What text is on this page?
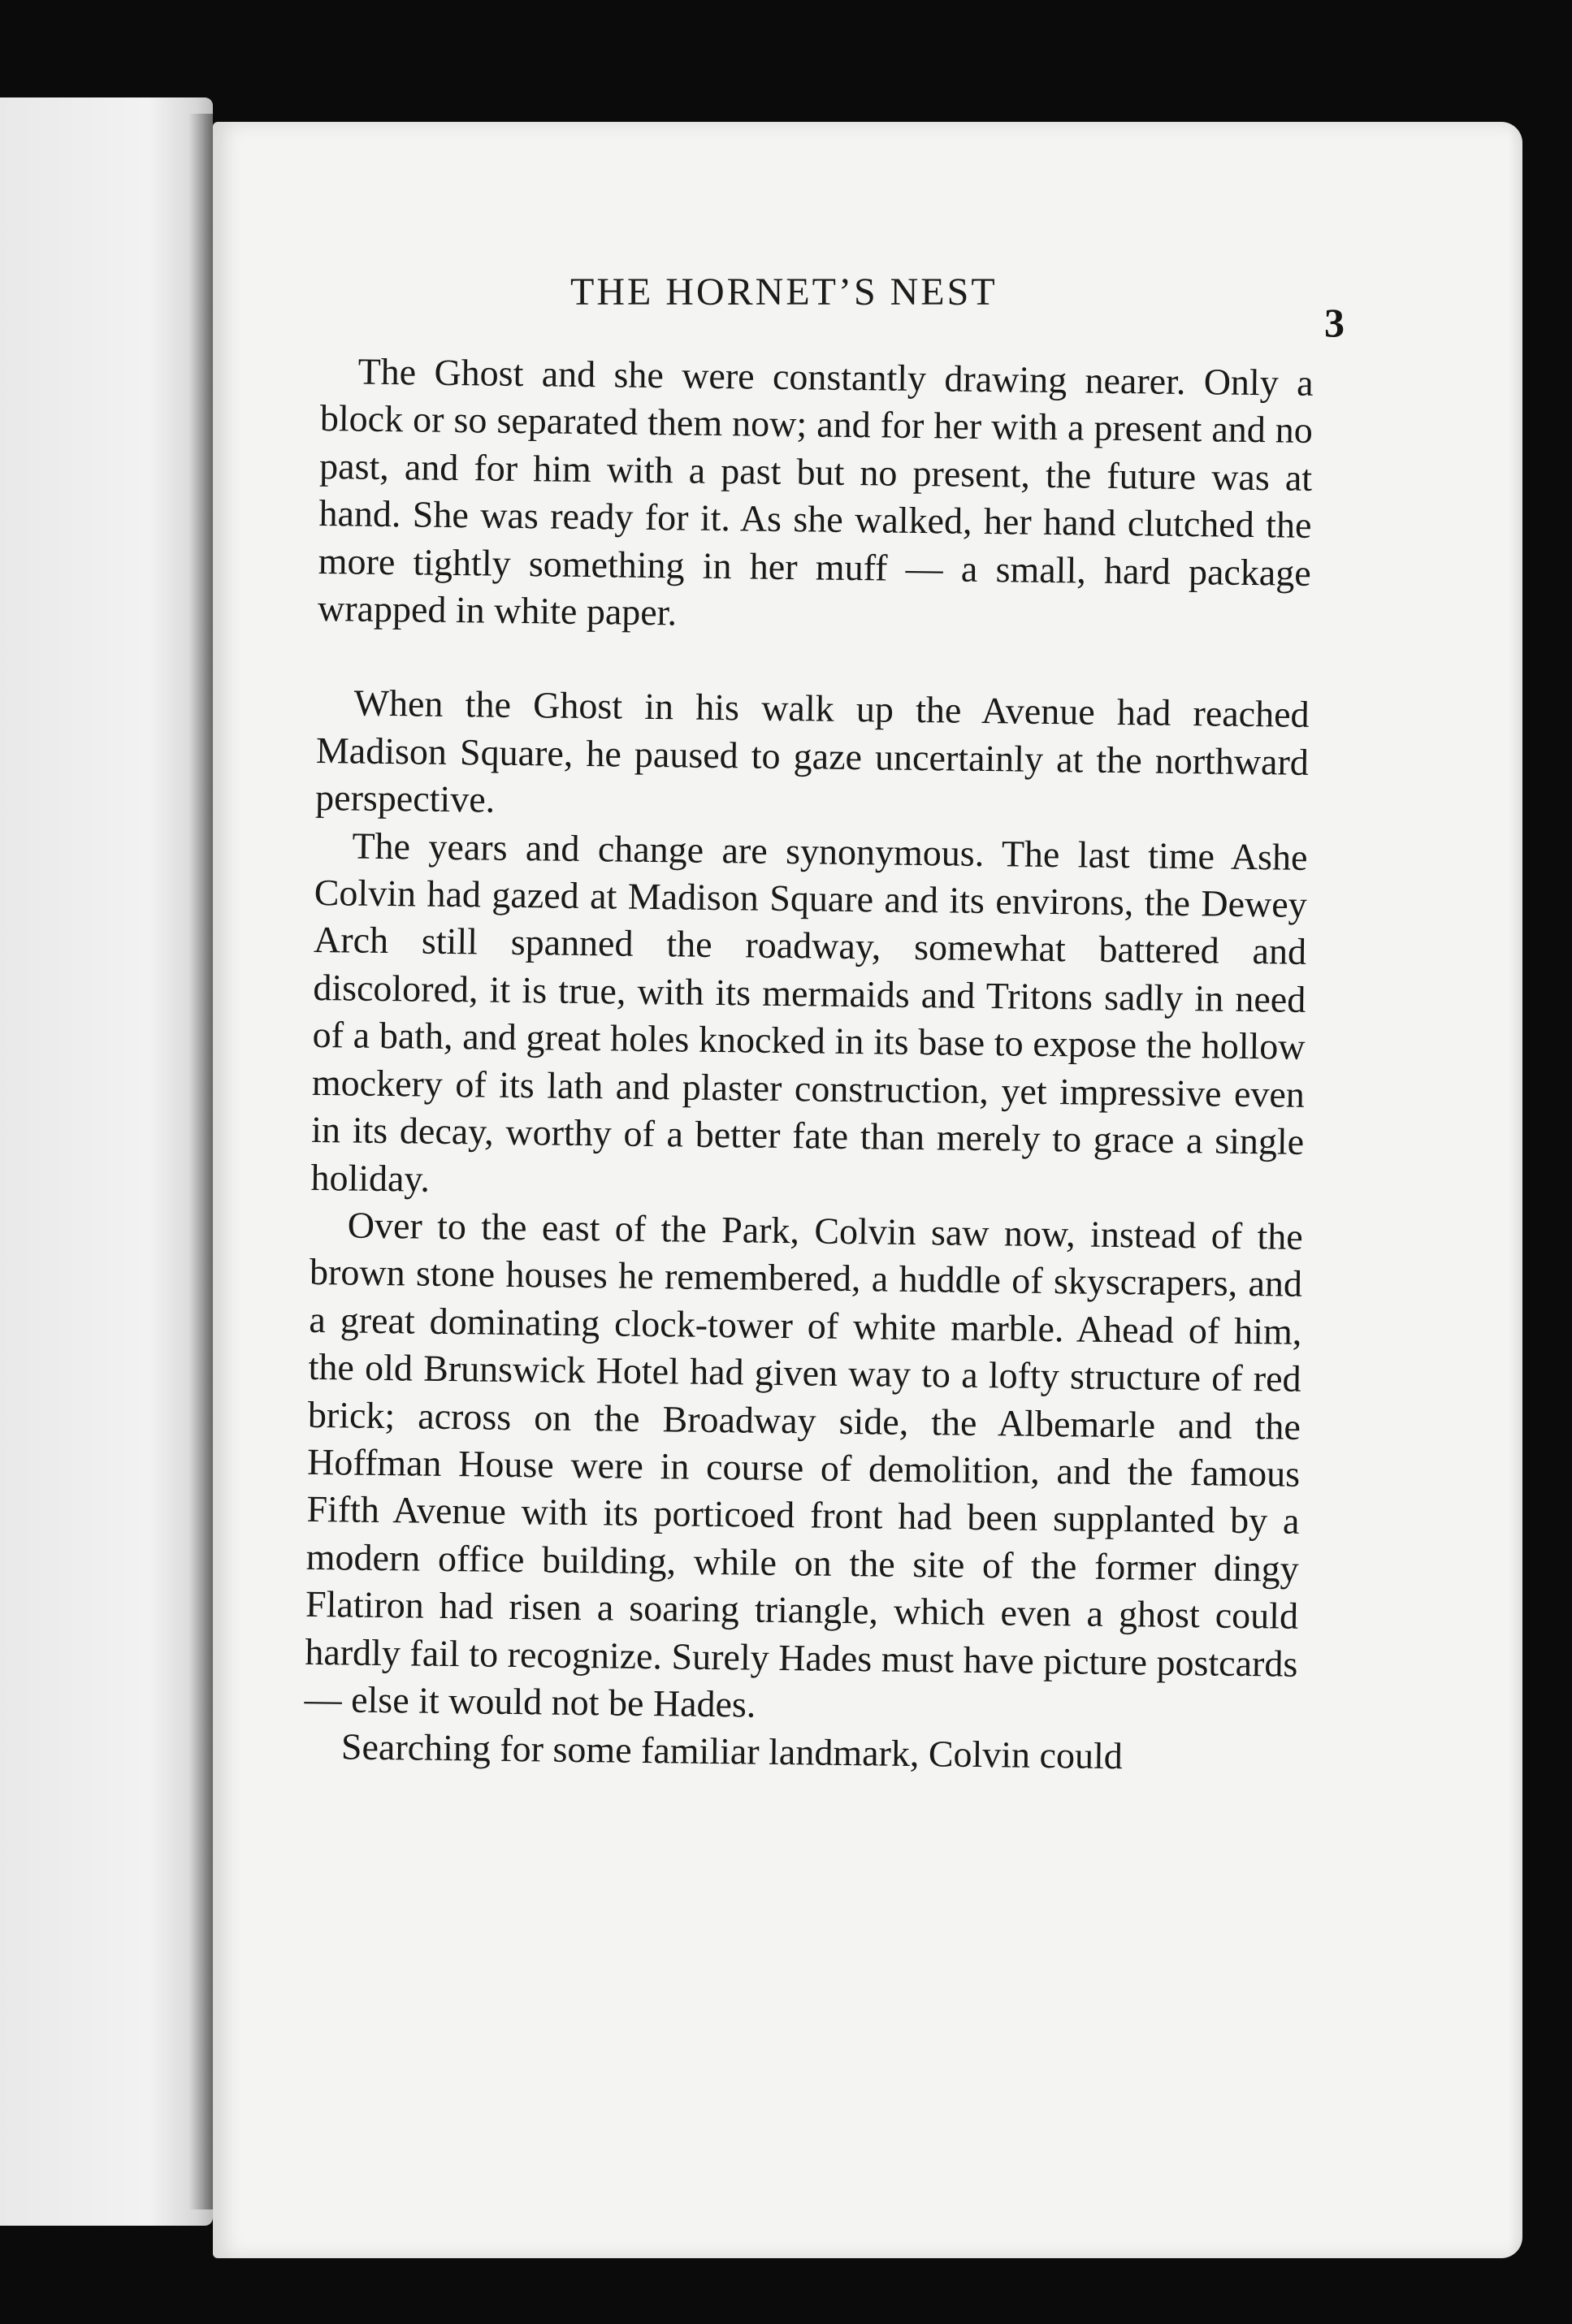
THE HORNET’S NEST
3

The Ghost and she were constantly drawing nearer. Only a block or so separated them now; and for her with a present and no past, and for him with a past but no present, the future was at hand. She was ready for it. As she walked, her hand clutched the more tightly something in her muff — a small, hard package wrapped in white paper.

When the Ghost in his walk up the Avenue had reached Madison Square, he paused to gaze uncertainly at the northward perspective.

The years and change are synonymous. The last time Ashe Colvin had gazed at Madison Square and its environs, the Dewey Arch still spanned the roadway, somewhat battered and discolored, it is true, with its mermaids and Tritons sadly in need of a bath, and great holes knocked in its base to expose the hollow mockery of its lath and plaster construction, yet impressive even in its decay, worthy of a better fate than merely to grace a single holiday.

Over to the east of the Park, Colvin saw now, instead of the brown stone houses he remembered, a huddle of skyscrapers, and a great dominating clock-tower of white marble. Ahead of him, the old Brunswick Hotel had given way to a lofty structure of red brick; across on the Broadway side, the Albemarle and the Hoffman House were in course of demolition, and the famous Fifth Avenue with its porticoed front had been supplanted by a modern office building, while on the site of the former dingy Flatiron had risen a soaring triangle, which even a ghost could hardly fail to recognize. Surely Hades must have picture postcards — else it would not be Hades.

Searching for some familiar landmark, Colvin could
